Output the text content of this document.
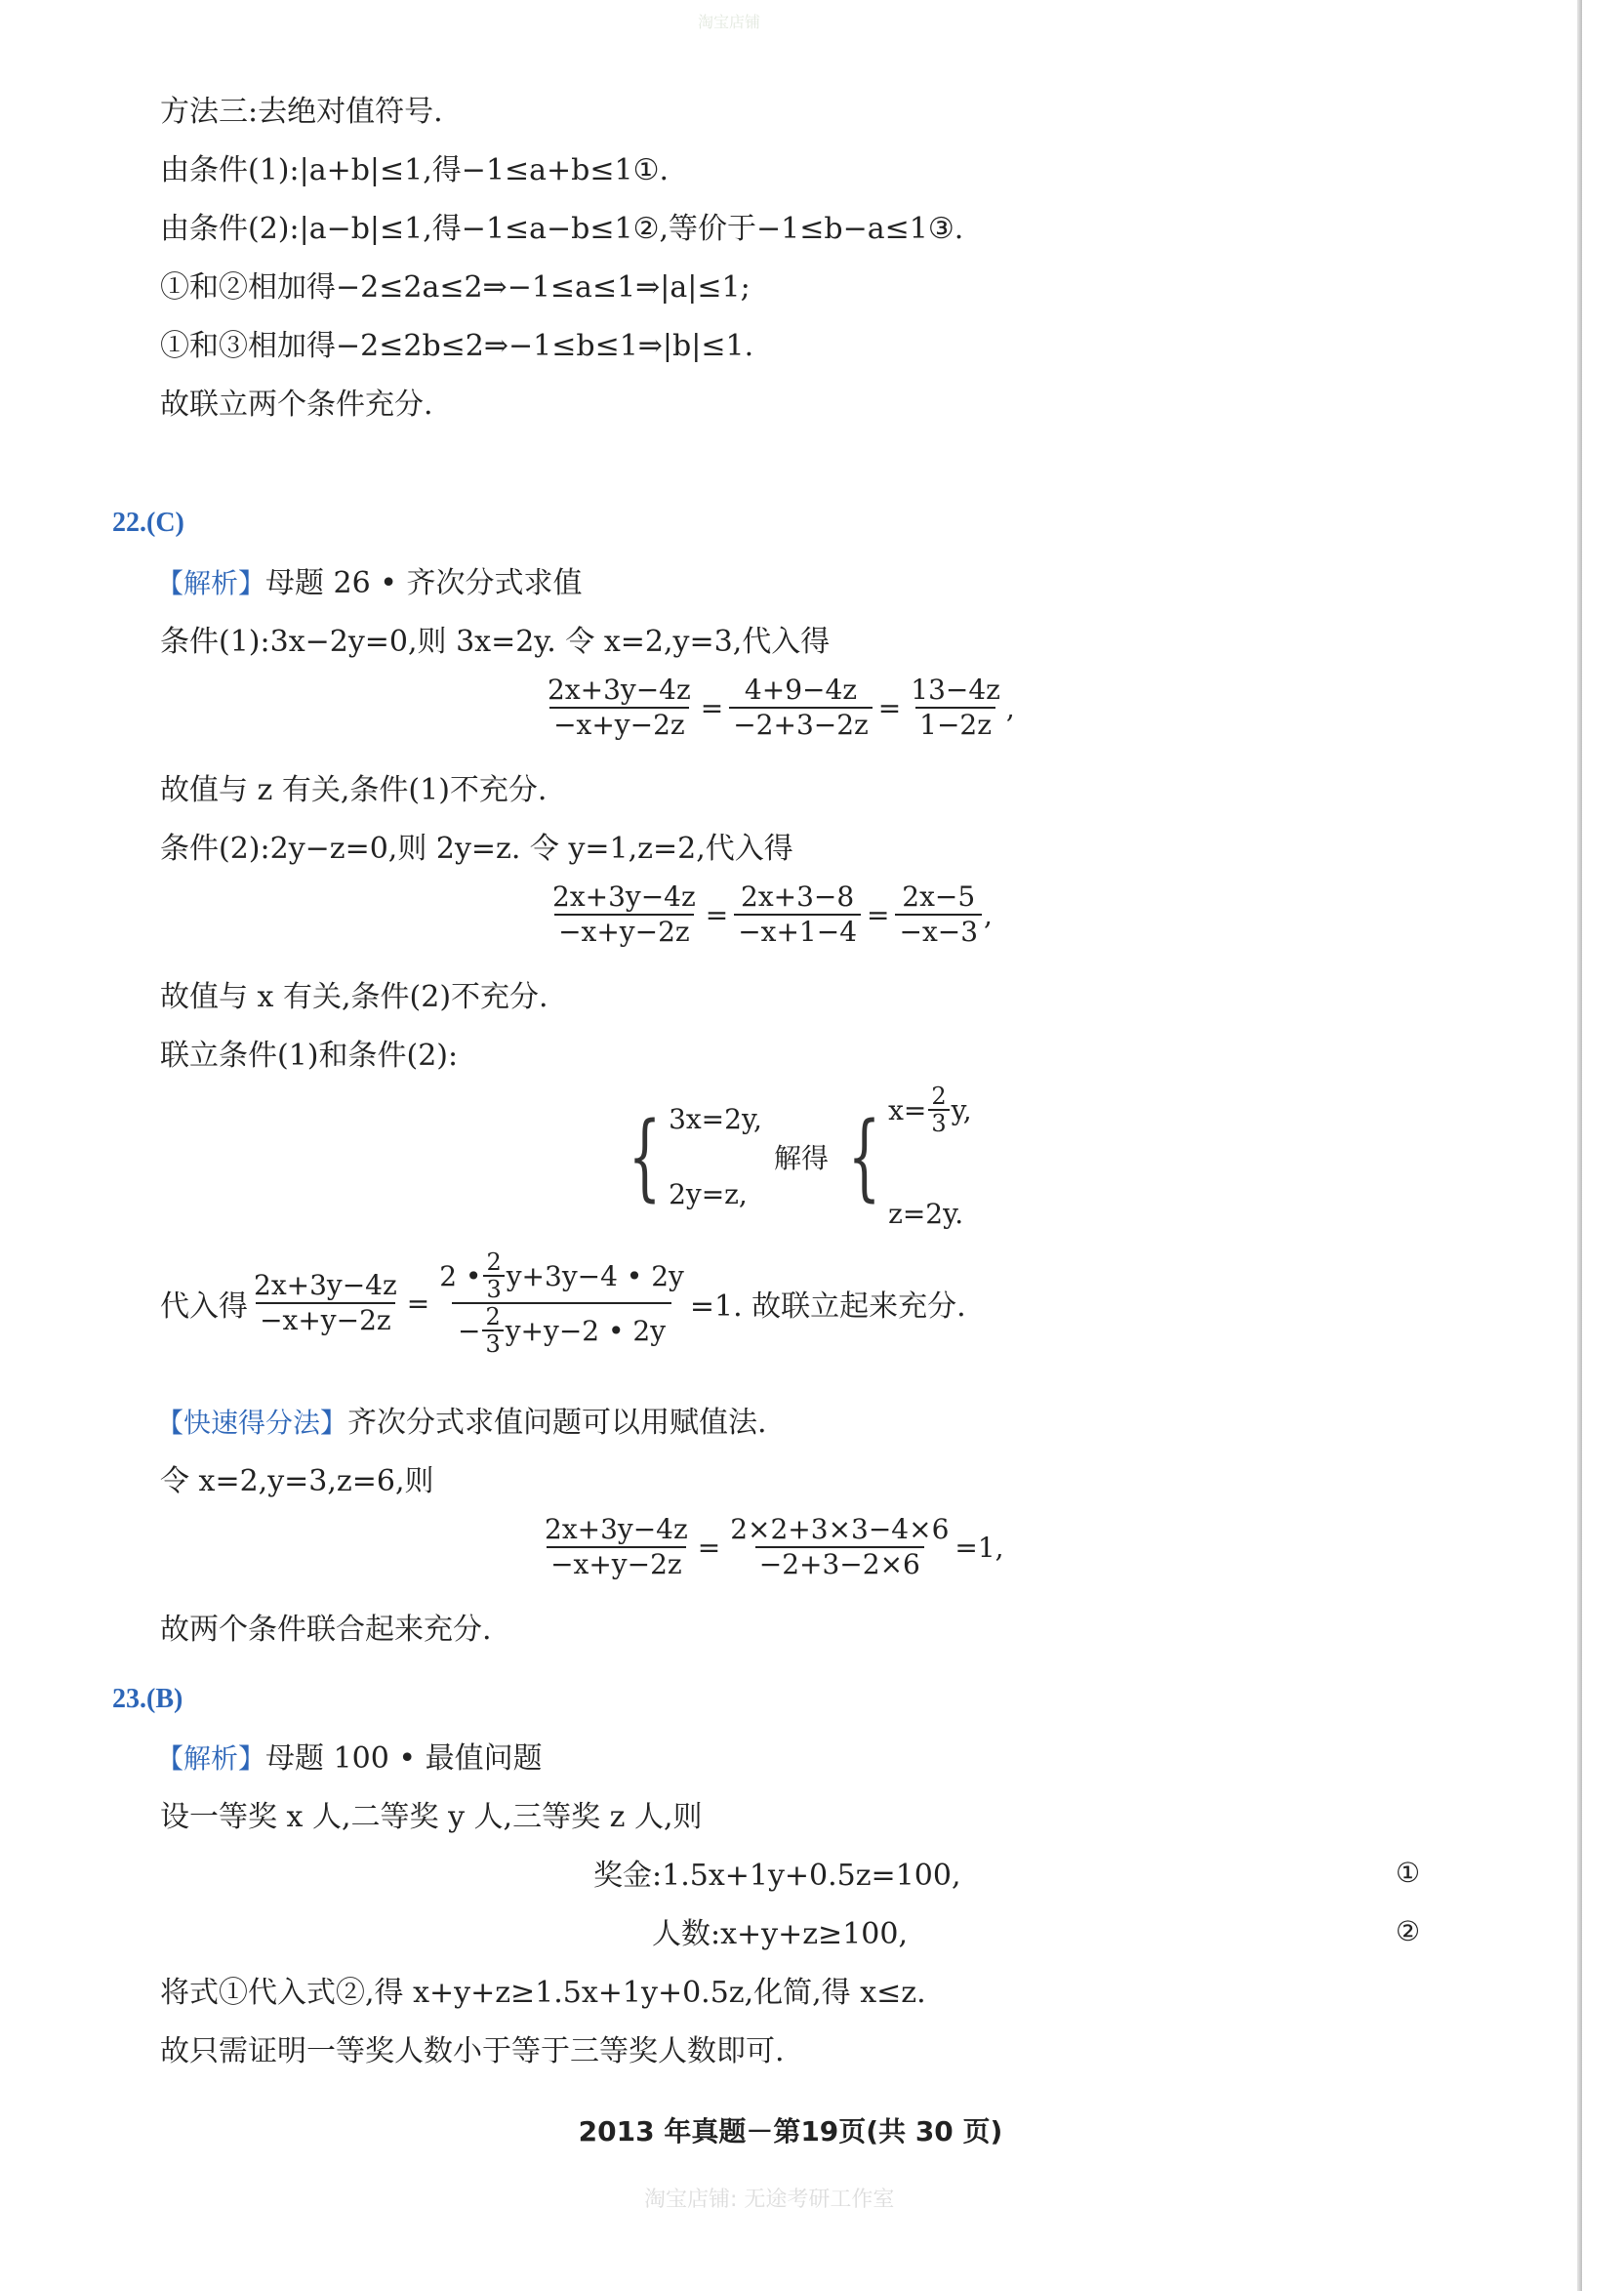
淘宝店铺
方法三:去绝对值符号.
由条件(1):|a+b|≤1,得−1≤a+b≤1①.
由条件(2):|a−b|≤1,得−1≤a−b≤1②,等价于−1≤b−a≤1③.
①和②相加得−2≤2a≤2⇒−1≤a≤1⇒|a|≤1;
①和③相加得−2≤2b≤2⇒−1≤b≤1⇒|b|≤1.
故联立两个条件充分.
22.(C)
【解析】母题 26 • 齐次分式求值
条件(1):3x−2y=0,则 3x=2y. 令 x=2,y=3,代入得
$\frac{2x+3y-4z}{-x+y-2z} = \frac{4+9-4z}{-2+3-2z} = \frac{13-4z}{1-2z}$ ,
故值与 z 有关,条件(1)不充分.
条件(2):2y−z=0,则 2y=z. 令 y=1,z=2,代入得
$\frac{2x+3y-4z}{-x+y-2z} = \frac{2x+3-8}{-x+1-4} = \frac{2x-5}{-x-3}$ ,
故值与 x 有关,条件(2)不充分.
联立条件(1)和条件(2):
{ 3x=2y,
2y=z,
解得 { $x= \frac{2}{3} y$,
z=2y.
代入得 $\frac{2x+3y-4z}{-x+y-2z} = 2$ • 2
3 y+3y−4 • 2y
− $\frac{2}{3} y+y-2$ • 2y =1. 故联立起来充分.
【快速得分法】齐次分式求值问题可以用赋值法.
令 x=2,y=3,z=6,则
$\frac{2x+3y-4z}{-x+y-2z} = \frac{2\times 2+3\times 3-4\times 6}{-2+3-2\times 6} =1$,
故两个条件联合起来充分.
23.(B)
【解析】母题 100 • 最值问题
设一等奖 x 人,二等奖 y 人,三等奖 z 人,则
奖金:1.5x+1y+0.5z=100,	①
人数:x+y+z≥100,	②
将式①代入式②,得 x+y+z≥1.5x+1y+0.5z,化简,得 x≤z.
故只需证明一等奖人数小于等于三等奖人数即可.
2013 年真题－第19页(共 30 页)
淘宝店铺: 无途考研工作室
